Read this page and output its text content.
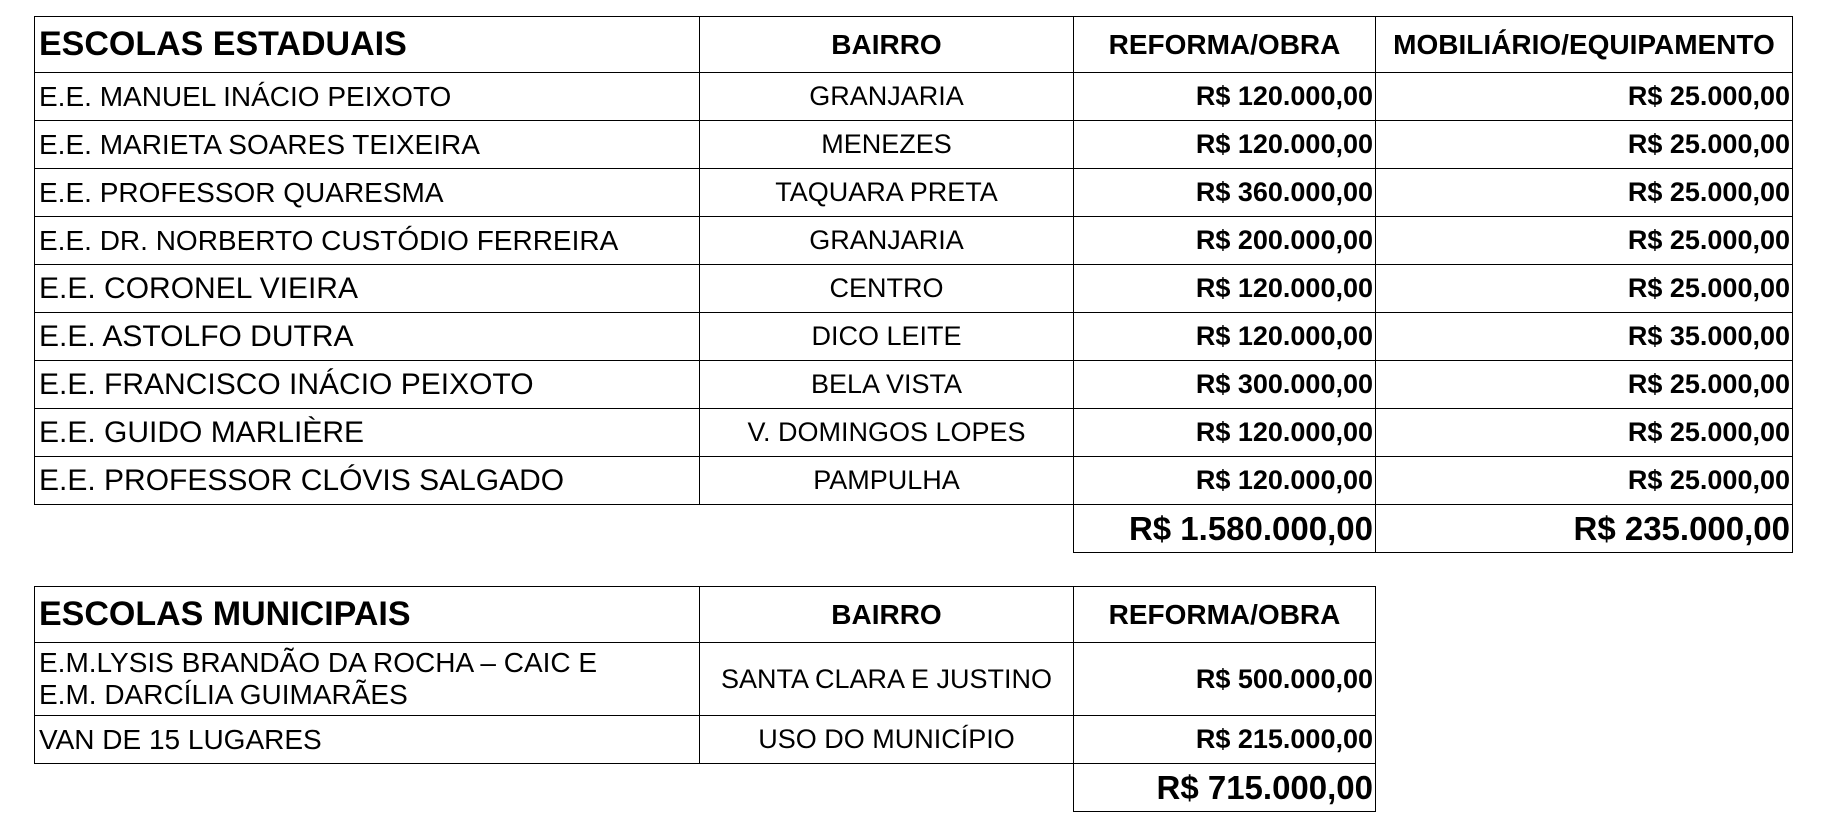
ESCOLAS ESTADUAIS	BAIRRO	REFORMA/OBRA	MOBILIÁRIO/EQUIPAMENTO
E.E. MANUEL INÁCIO PEIXOTO	GRANJARIA	R$ 120.000,00	R$ 25.000,00
E.E. MARIETA SOARES TEIXEIRA	MENEZES	R$ 120.000,00	R$ 25.000,00
E.E. PROFESSOR QUARESMA	TAQUARA PRETA	R$ 360.000,00	R$ 25.000,00
E.E. DR. NORBERTO CUSTÓDIO FERREIRA	GRANJARIA	R$ 200.000,00	R$ 25.000,00
E.E. CORONEL VIEIRA	CENTRO	R$ 120.000,00	R$ 25.000,00
E.E. ASTOLFO DUTRA	DICO LEITE	R$ 120.000,00	R$ 35.000,00
E.E. FRANCISCO INÁCIO PEIXOTO	BELA VISTA	R$ 300.000,00	R$ 25.000,00
E.E. GUIDO MARLIÈRE	V. DOMINGOS LOPES	R$ 120.000,00	R$ 25.000,00
E.E. PROFESSOR CLÓVIS SALGADO	PAMPULHA	R$ 120.000,00	R$ 25.000,00
		R$ 1.580.000,00	R$ 235.000,00
ESCOLAS MUNICIPAIS	BAIRRO	REFORMA/OBRA

E.M.LYSIS BRANDÃO DA ROCHA – CAIC E
E.M. DARCÍLIA GUIMARÃES	SANTA CLARA E JUSTINO	R$ 500.000,00
VAN DE 15 LUGARES	USO DO MUNICÍPIO	R$ 215.000,00
		R$ 715.000,00
